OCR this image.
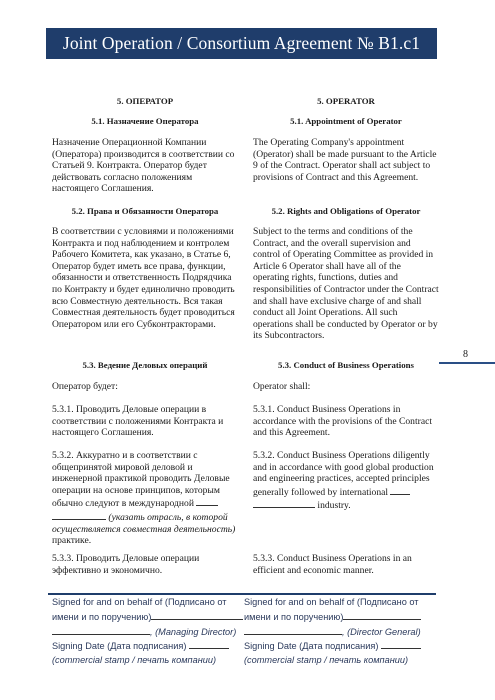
Joint Operation / Consortium Agreement № B1.c1
5. ОПЕРАТОР
5.1. Назначение Оператора

Назначение Операционной Компании (Оператора) производится в соответствии со Статьей 9. Контракта. Оператор будет действовать согласно положениям настоящего Соглашения.

5.2. Права и Обязанности Оператора

В соответствии с условиями и положениями Контракта и под наблюдением и контролем Рабочего Комитета, как указано, в Статье 6, Оператор будет иметь все права, функции, обязанности и ответственность Подрядчика по Контракту и будет единолично проводить всю Совместную деятельность. Вся такая Совместная деятельность будет проводиться Оператором или его Субконтракторами.

5.3. Ведение Деловых операций

Оператор будет:

5.3.1. Проводить Деловые операции в соответствии с положениями Контракта и настоящего Соглашения.

5.3.2. Аккуратно и в соответствии с общепринятой мировой деловой и инженерной практикой проводить Деловые операции на основе принципов, которым обычно следуют в международной   (указать отрасль, в которой осуществляется совместная деятельность) практике.

5.3.3. Проводить Деловые операции эффективно и экономично.

5. OPERATOR
5.1. Appointment of Operator

The Operating Company's appointment (Operator) shall be made pursuant to the Article 9 of the Contract. Operator shall act subject to provisions of Contract and this Agreement.

5.2. Rights and Obligations of Operator

Subject to the terms and conditions of the Contract, and the overall supervision and control of Operating Committee as provided in Article 6 Operator shall have all of the operating rights, functions, duties and responsibilities of Contractor under the Contract and shall have exclusive charge of and shall conduct all Joint Operations. All such operations shall be conducted by Operator or by its Subcontractors.

5.3. Conduct of Business Operations

Operator shall:

5.3.1. Conduct Business Operations in accordance with the provisions of the Contract and this Agreement.

5.3.2. Conduct Business Operations diligently and in accordance with good global production and engineering practices, accepted principles generally followed by international   industry.

5.3.3. Conduct Business Operations in an efficient and economic manner.

8
Signed for and on behalf of (Подписано от
имени и по поручению)
, (Managing Director)
Signing Date (Дата подписания)
(commercial stamp / печать компании)
Signed for and on behalf of (Подписано от
имени и по поручению)
, (Director General)
Signing Date (Дата подписания)
(commercial stamp / печать компании)
